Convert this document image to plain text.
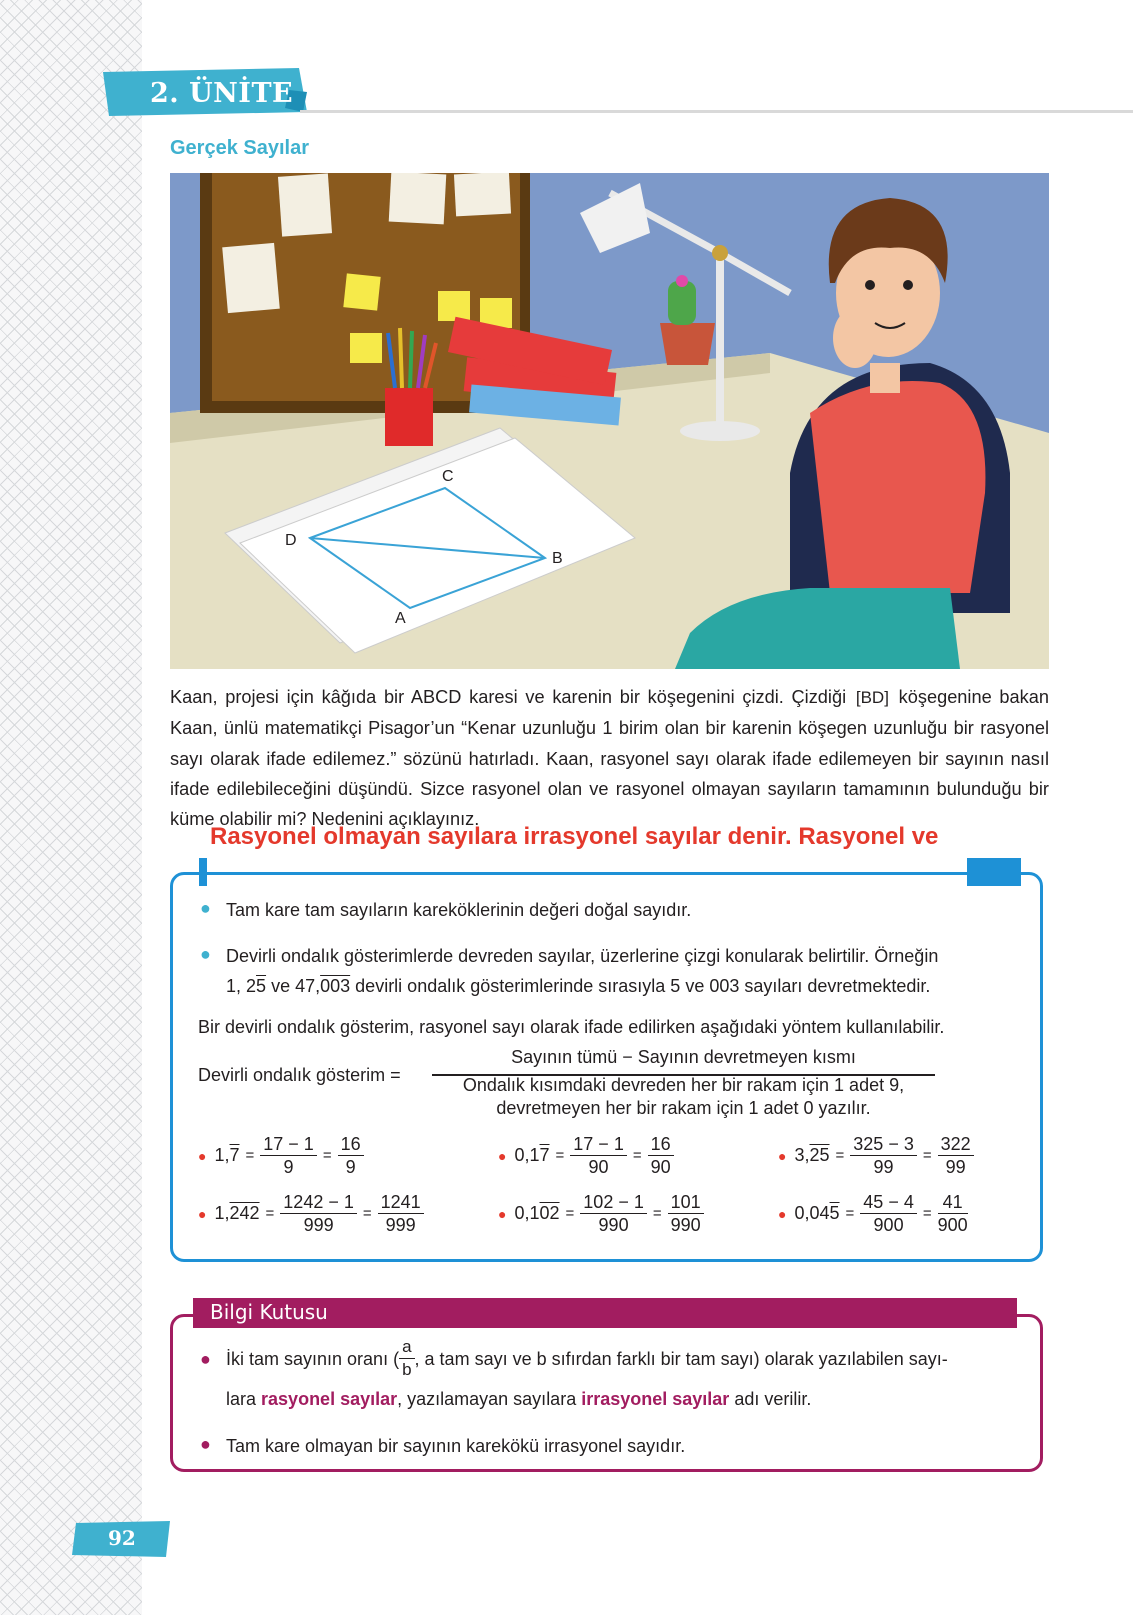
2. ÜNİTE
Gerçek Sayılar
A
B
C
D
Kaan, projesi için kâğıda bir ABCD karesi ve karenin bir köşegenini çizdi. Çizdiği [BD] köşegenine bakan Kaan, ünlü matematikçi Pisagor’un “Kenar uzunluğu 1 birim olan bir karenin köşegen uzunluğu bir rasyonel sayı olarak ifade edilemez.” sözünü hatırladı. Kaan, rasyonel sayı olarak ifade edilemeyen bir sayının nasıl ifade edilebileceğini düşündü. Sizce rasyonel olan ve rasyonel olmayan sayıların tamamının bulunduğu bir küme olabilir mi? Nedenini açıklayınız.
Rasyonel olmayan sayılara irrasyonel sayılar denir. Rasyonel ve
● Tam kare tam sayıların kareköklerinin değeri doğal sayıdır.
● Devirli ondalık gösterimlerde devreden sayılar, üzerlerine çizgi konularak belirtilir. Örneğin
1, 25 ve 47,003 devirli ondalık gösterimlerinde sırasıyla 5 ve 003 sayıları devretmektedir.
Bir devirli ondalık gösterim, rasyonel sayı olarak ifade edilirken aşağıdaki yöntem kullanılabilir.
Devirli ondalık gösterim =
Sayının tümü − Sayının devretmeyen kısmı
Ondalık kısımdaki devreden her bir rakam için 1 adet 9,
devretmeyen her bir rakam için 1 adet 0 yazılır.
● $1,7 = \frac{17 - 1}{9} = \frac{16}{9}$	● $0,17 = \frac{17 - 1}{90} = \frac{16}{90}$	● $3,25 = \frac{325 - 3}{99} = \frac{322}{99}$
● $1,242 = \frac{1242 - 1}{999} = \frac{1241}{999}$	● $0,102 = \frac{102 - 1}{990} = \frac{101}{990}$	● $0,045 = \frac{45 - 4}{900} = \frac{41}{900}$
Bilgi Kutusu
● İki tam sayının oranı ( $\frac{a}{b}$ , a tam sayı ve b sıfırdan farklı bir tam sayı) olarak yazılabilen sayı-
lara rasyonel sayılar, yazılamayan sayılara irrasyonel sayılar adı verilir.
● Tam kare olmayan bir sayının karekökü irrasyonel sayıdır.
92
